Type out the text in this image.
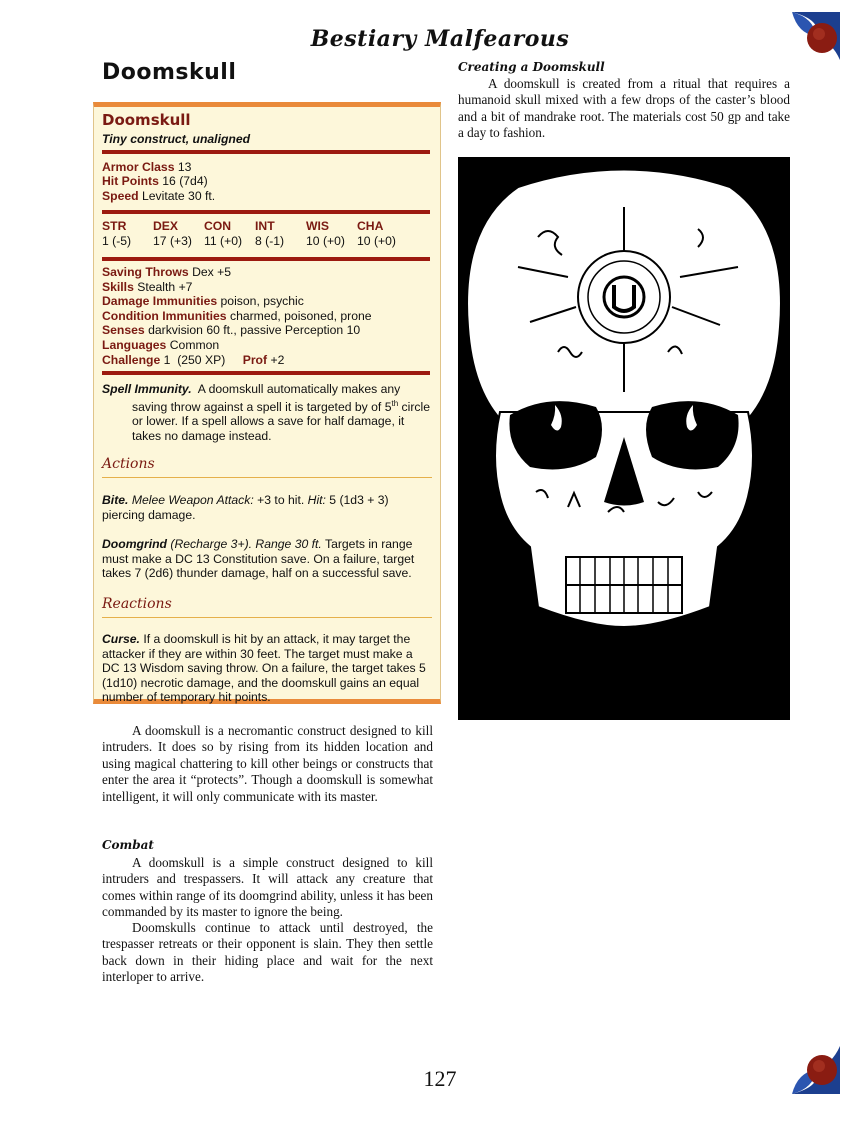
Bestiary Malfearous
Doomskull
Doomskull
Tiny construct, unaligned
Armor Class 13
Hit Points 16 (7d4)
Speed Levitate 30 ft.
STR	DEX	CON	INT	WIS	CHA
1 (-5)	17 (+3) 11 (+0)	8 (-1)	10 (+0) 10 (+0)
Saving Throws Dex +5
Skills Stealth +7
Damage Immunities poison, psychic
Condition Immunities charmed, poisoned, prone
Senses darkvision 60 ft., passive Perception 10
Languages Common
Challenge 1  (250 XP) Prof +2
Spell Immunity. A doomskull automatically makes any saving throw against a spell it is targeted by of 5th circle or lower. If a spell allows a save for half damage, it takes no damage instead.
Actions
Bite. Melee Weapon Attack: +3 to hit. Hit: 5 (1d3 + 3) piercing damage.
Doomgrind (Recharge 3+). Range 30 ft. Targets in range must make a DC 13 Constitution save. On a failure, target takes 7 (2d6) thunder damage, half on a successful save.
Reactions
Curse. If a doomskull is hit by an attack, it may target the attacker if they are within 30 feet. The target must make a DC 13 Wisdom saving throw. On a failure, the target takes 5 (1d10) necrotic damage, and the doomskull gains an equal number of temporary hit points.
A doomskull is a necromantic construct designed to kill intruders. It does so by rising from its hidden location and using magical chattering to kill other beings or constructs that enter the area it “protects”. Though a doomskull is somewhat intelligent, it will only communicate with its master.
Combat
A doomskull is a simple construct designed to kill intruders and trespassers. It will attack any creature that comes within range of its doomgrind ability, unless it has been commanded by its master to ignore the being.
Doomskulls continue to attack until destroyed, the trespasser retreats or their opponent is slain. They then settle back down in their hiding place and wait for the next interloper to arrive.
Creating a Doomskull
A doomskull is created from a ritual that requires a humanoid skull mixed with a few drops of the caster’s blood and a bit of mandrake root. The materials cost 50 gp and take a day to fashion.
127
